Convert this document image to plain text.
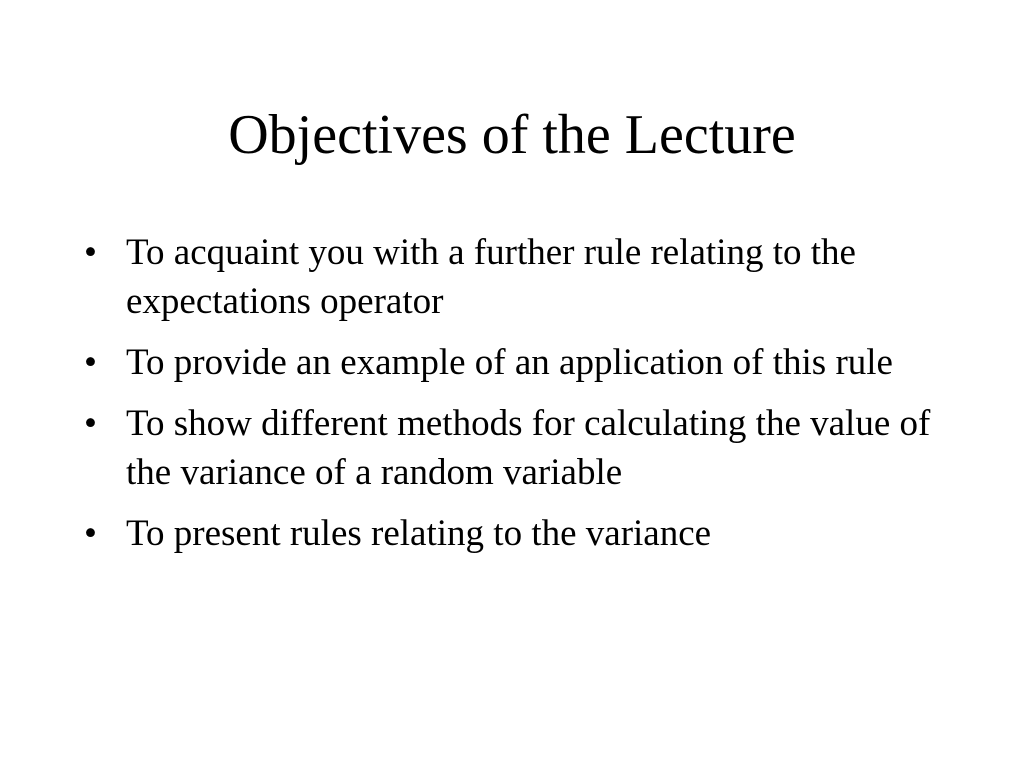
Objectives of the Lecture
• To acquaint you with a further rule relating to the expectations operator
• To provide an example of an application of this rule
• To show different methods for calculating the value of the variance of a random variable
• To present rules relating to the variance
